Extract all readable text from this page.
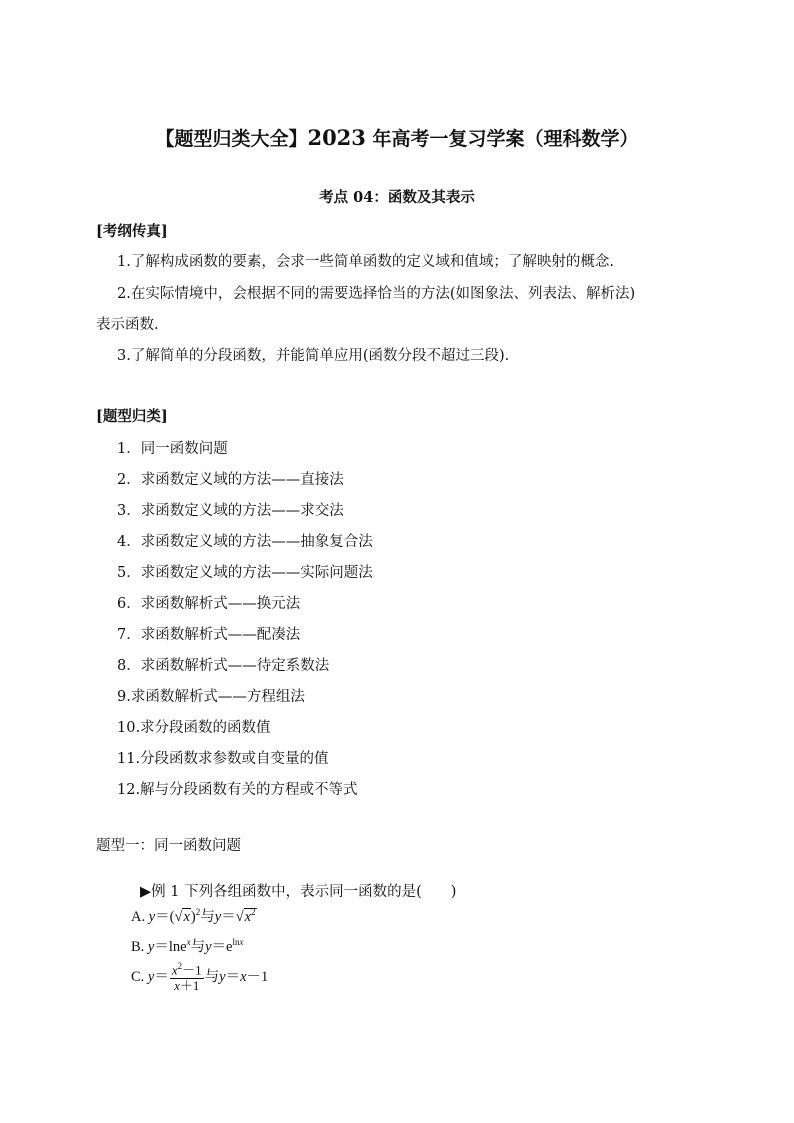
【题型归类大全】2023 年高考一复习学案（理科数学）
考点 04：函数及其表示
[考纲传真]
1.了解构成函数的要素，会求一些简单函数的定义域和值域；了解映射的概念.
2.在实际情境中，会根据不同的需要选择恰当的方法(如图象法、列表法、解析法)
表示函数.
3.了解简单的分段函数，并能简单应用(函数分段不超过三段).
[题型归类]
1．同一函数问题
2．求函数定义域的方法——直接法
3．求函数定义域的方法——求交法
4．求函数定义域的方法——抽象复合法
5．求函数定义域的方法——实际问题法
6．求函数解析式——换元法
7．求函数解析式——配凑法
8．求函数解析式——待定系数法
9.求函数解析式——方程组法
10.求分段函数的函数值
11.分段函数求参数或自变量的值
12.解与分段函数有关的方程或不等式
题型一：同一函数问题
▶例 1 下列各组函数中，表示同一函数的是(　　)
A. $y=(√x)^2$与$y=√x^2$
B. y＝lne$^x$与$y=e^{lnx}$
C. $y= \frac{x^2-1}{x+1}$ 与y＝x－1
